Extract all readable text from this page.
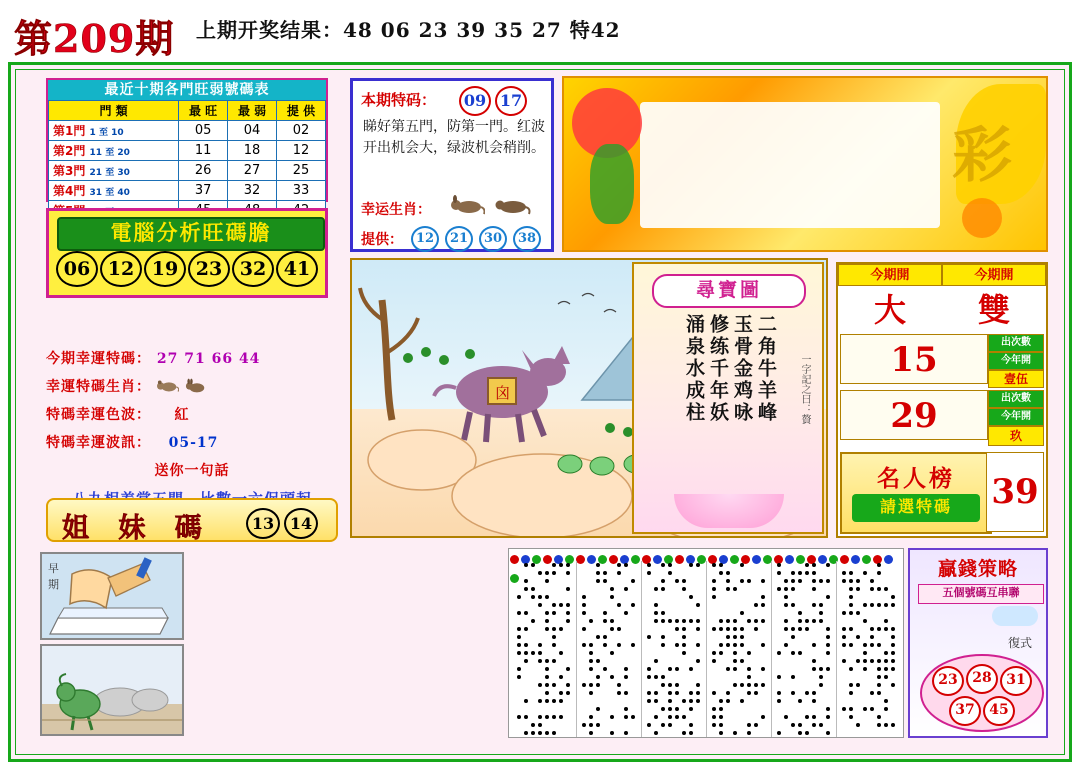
第209期 上期开奖结果：48 06 23 39 35 27 特42
最近十期各門旺弱號碼表
門 類	最 旺	最 弱	提 供
第1門 1 至 10	05	04	02
第2門 11 至 20	11	18	12
第3門 21 至 30	26	27	25
第4門 31 至 40	37	32	33

電腦分析旺碼膽
06 12 19 23 32 41
今期幸運特碼： 27 71 66 44
幸運特碼生肖：
特碼幸運色波： 紅
特碼幸運波訊： 05-17
送你一句話
姐 妹 碼	13 14
本期特码：	09 17
睇好第五門，防第一門。红波开出机会大，绿波机会稍削。
幸运生肖：
提供： 12	21	30	38
彩
囟
尋寶圖
二角牛羊峰
玉骨金鸡咏
修练千年妖
涌泉水成柱	一字記之曰：贅
今期開	今期開
大	雙
15
29
出次數
今年開
壹伍
出次數
今年開
玖
名人榜
請選特碼	39
早
期
贏錢策略
五個號碼互串聯
復式
23	28	31
37	45
